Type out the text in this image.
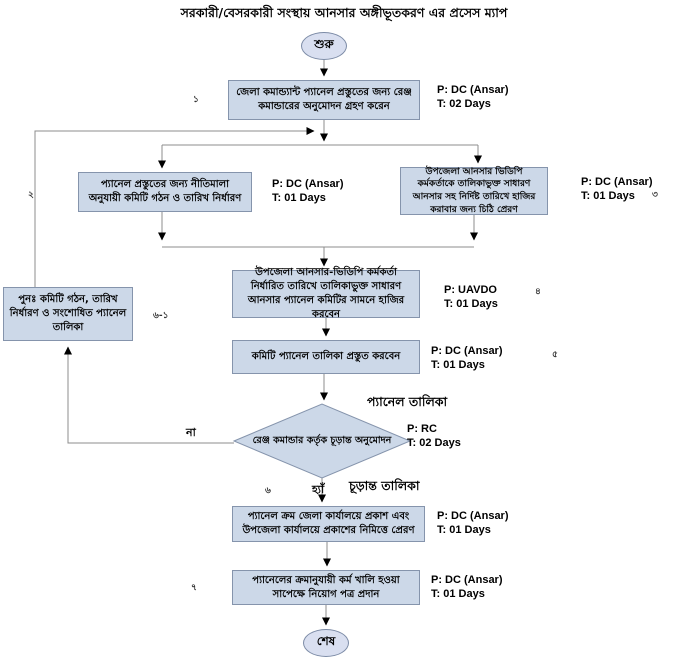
সরকারী/বেসরকারী সংস্থায় আনসার অঙ্গীভূতকরণ এর প্রসেস ম্যাপ
শুরু
জেলা কমান্ড্যান্ট প্যানেল প্রস্তুতের জন্য রেঞ্জ কমান্ডারের অনুমোদন গ্রহণ করেন
১
P: DC (Ansar)
T: 02 Days
প্যানেল প্রস্তুতের জন্য নীতিমালা অনুযায়ী কমিটি গঠন ও তারিখ নির্ধারণ
২
P: DC (Ansar)
T: 01 Days
উপজেলা আনসার ভিডিপি কর্মকর্তাকে তালিকাভুক্ত সাধারণ আনসার সহ নির্দিষ্ট তারিখে হাজির করাবার জন্য চিঠি প্রেরণ
৩
P: DC (Ansar)
T: 01 Days
উপজেলা আনসার-ভিডিপি কর্মকর্তা নির্ধারিত তারিখে তালিকাভুক্ত সাধারণ আনসার প্যানেল কমিটির সামনে হাজির করবেন
৪
P: UAVDO
T: 01 Days
কমিটি প্যানেল তালিকা প্রস্তুত করবেন	৫
P: DC (Ansar)
T: 01 Days
পুনঃ কমিটি গঠন, তারিখ নির্ধারণ ও সংশোধিত প্যানেল তালিকা
৬-১
রেঞ্জ কমান্ডার কর্তৃক চূড়ান্ত অনুমোদন
প্যানেল তালিকা
P: RC
T: 02 Days
না
৬	হ্যাঁ চূড়ান্ত তালিকা
প্যানেল ক্রম জেলা কার্যালয়ে প্রকাশ এবং উপজেলা কার্যালয়ে প্রকাশের নিমিত্তে প্রেরণ
P: DC (Ansar)
T: 01 Days
প্যানেলের ক্রমানুযায়ী কর্ম খালি হওয়া সাপেক্ষে নিয়োগ পত্র প্রদান
৭
P: DC (Ansar)
T: 01 Days
শেষ
